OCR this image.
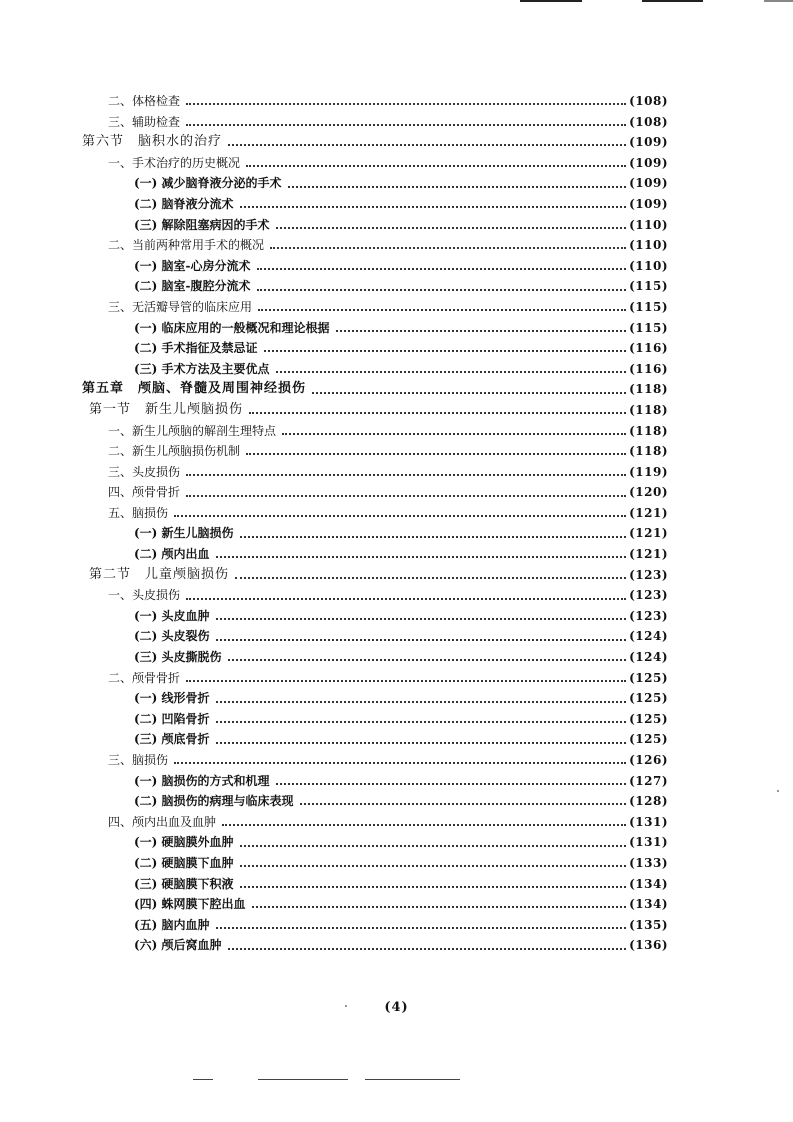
二、体格检查	(108)
三、辅助检查	(108)
第六节　脑积水的治疗	(109)
一、手术治疗的历史概况	(109)
(一) 减少脑脊液分泌的手术	(109)
(二) 脑脊液分流术	(109)
(三) 解除阻塞病因的手术	(110)
二、当前两种常用手术的概况	(110)
(一) 脑室-心房分流术	(110)
(二) 脑室-腹腔分流术	(115)
三、无活瓣导管的临床应用	(115)
(一) 临床应用的一般概况和理论根据	(115)
(二) 手术指征及禁忌证	(116)
(三) 手术方法及主要优点	(116)
第五章　颅脑、脊髓及周围神经损伤	(118)
第一节　新生儿颅脑损伤	(118)
一、新生儿颅脑的解剖生理特点	(118)
二、新生儿颅脑损伤机制	(118)
三、头皮损伤	(119)
四、颅骨骨折	(120)
五、脑损伤	(121)
(一) 新生儿脑损伤	(121)
(二) 颅内出血	(121)
第二节　儿童颅脑损伤	(123)
一、头皮损伤	(123)
(一) 头皮血肿	(123)
(二) 头皮裂伤	(124)
(三) 头皮撕脱伤	(124)
二、颅骨骨折	(125)
(一) 线形骨折	(125)
(二) 凹陷骨折	(125)
(三) 颅底骨折	(125)
三、脑损伤	(126)
(一) 脑损伤的方式和机理	(127)
(二) 脑损伤的病理与临床表现	(128)
四、颅内出血及血肿	(131)
(一) 硬脑膜外血肿	(131)
(二) 硬脑膜下血肿	(133)
(三) 硬脑膜下积液	(134)
(四) 蛛网膜下腔出血	(134)
(五) 脑内血肿	(135)
(六) 颅后窝血肿	(136)
(4)
